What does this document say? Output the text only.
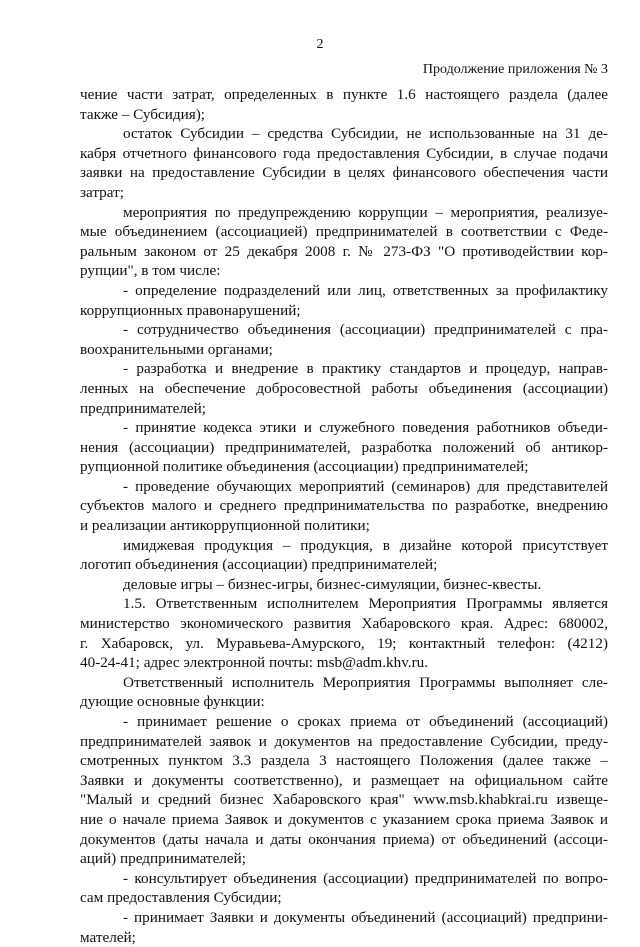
2
Продолжение приложения № 3
чение части затрат, определенных в пункте 1.6 настоящего раздела (далее
также – Субсидия);
остаток Субсидии – средства Субсидии, не использованные на 31 де-
кабря отчетного финансового года предоставления Субсидии, в случае подачи
заявки на предоставление Субсидии в целях финансового обеспечения части
затрат;
мероприятия по предупреждению коррупции – мероприятия, реализуе-
мые объединением (ассоциацией) предпринимателей в соответствии с Феде-
ральным законом от 25 декабря 2008 г. № 273-ФЗ "О противодействии кор-
рупции", в том числе:
- определение подразделений или лиц, ответственных за профилактику
коррупционных правонарушений;
- сотрудничество объединения (ассоциации) предпринимателей с пра-
воохранительными органами;
- разработка и внедрение в практику стандартов и процедур, направ-
ленных на обеспечение добросовестной работы объединения (ассоциации)
предпринимателей;
- принятие кодекса этики и служебного поведения работников объеди-
нения (ассоциации) предпринимателей, разработка положений об антикор-
рупционной политике объединения (ассоциации) предпринимателей;
- проведение обучающих мероприятий (семинаров) для представителей
субъектов малого и среднего предпринимательства по разработке, внедрению
и реализации антикоррупционной политики;
имиджевая продукция – продукция, в дизайне которой присутствует
логотип объединения (ассоциации) предпринимателей;
деловые игры – бизнес-игры, бизнес-симуляции, бизнес-квесты.
1.5. Ответственным исполнителем Мероприятия Программы является
министерство экономического развития Хабаровского края. Адрес: 680002,
г. Хабаровск, ул. Муравьева-Амурского, 19; контактный телефон: (4212)
40-24-41; адрес электронной почты: msb@adm.khv.ru.
Ответственный исполнитель Мероприятия Программы выполняет сле-
дующие основные функции:
- принимает решение о сроках приема от объединений (ассоциаций)
предпринимателей заявок и документов на предоставление Субсидии, преду-
смотренных пунктом 3.3 раздела 3 настоящего Положения (далее также –
Заявки и документы соответственно), и размещает на официальном сайте
"Малый и средний бизнес Хабаровского края" www.msb.khabkrai.ru извеще-
ние о начале приема Заявок и документов с указанием срока приема Заявок и
документов (даты начала и даты окончания приема) от объединений (ассоци-
аций) предпринимателей;
- консультирует объединения (ассоциации) предпринимателей по вопро-
сам предоставления Субсидии;
- принимает Заявки и документы объединений (ассоциаций) предприни-
мателей;
